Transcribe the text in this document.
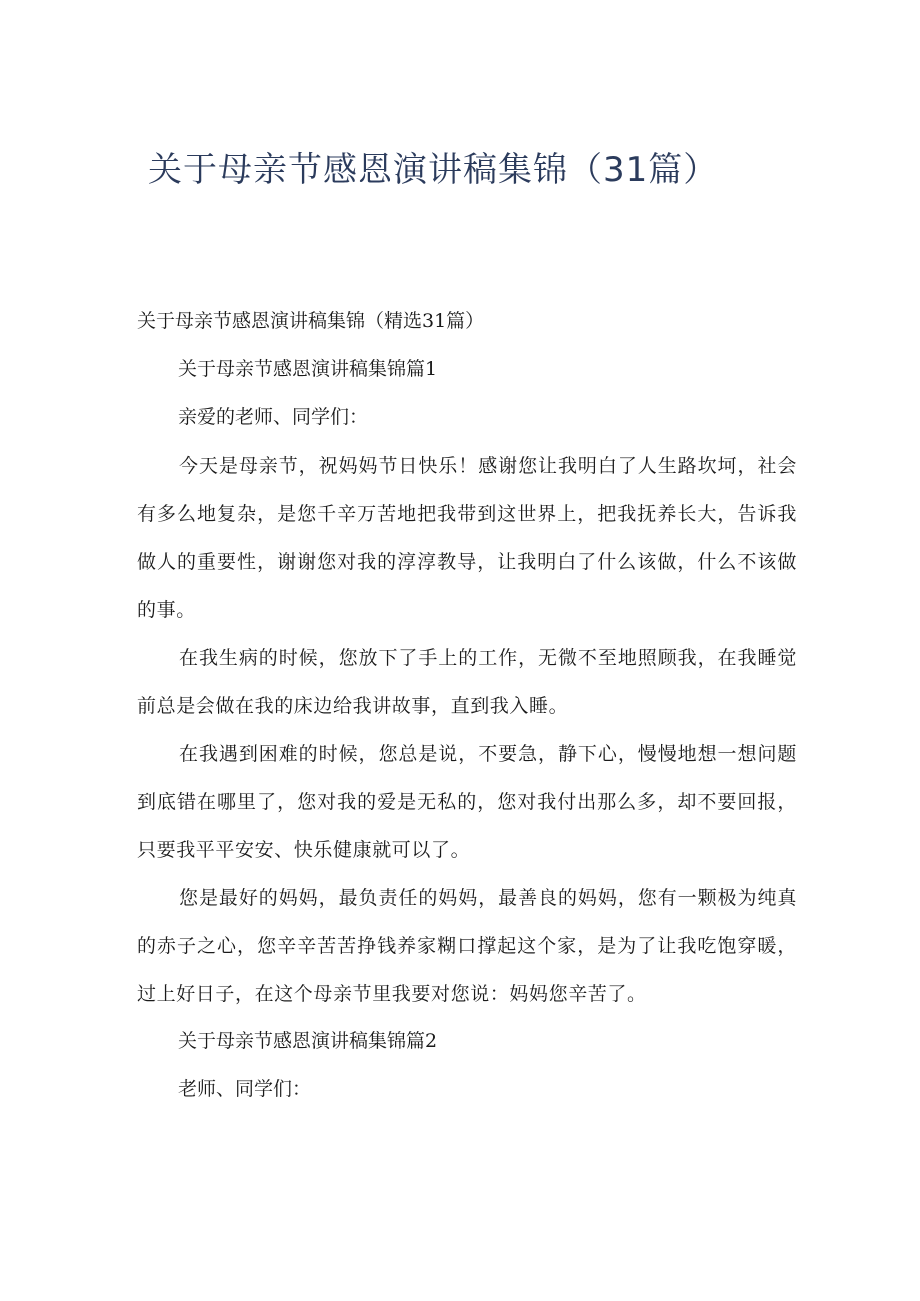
关于母亲节感恩演讲稿集锦（31篇）
关于母亲节感恩演讲稿集锦（精选31篇）
关于母亲节感恩演讲稿集锦篇1
亲爱的老师、同学们：
今天是母亲节，祝妈妈节日快乐！感谢您让我明白了人生路坎坷，社会有多么地复杂，是您千辛万苦地把我带到这世界上，把我抚养长大，告诉我做人的重要性，谢谢您对我的淳淳教导，让我明白了什么该做，什么不该做的事。
在我生病的时候，您放下了手上的工作，无微不至地照顾我，在我睡觉前总是会做在我的床边给我讲故事，直到我入睡。
在我遇到困难的时候，您总是说，不要急，静下心，慢慢地想一想问题到底错在哪里了，您对我的爱是无私的，您对我付出那么多，却不要回报，只要我平平安安、快乐健康就可以了。
您是最好的妈妈，最负责任的妈妈，最善良的妈妈，您有一颗极为纯真的赤子之心，您辛辛苦苦挣钱养家糊口撑起这个家，是为了让我吃饱穿暖，过上好日子，在这个母亲节里我要对您说：妈妈您辛苦了。
关于母亲节感恩演讲稿集锦篇2
老师、同学们：
